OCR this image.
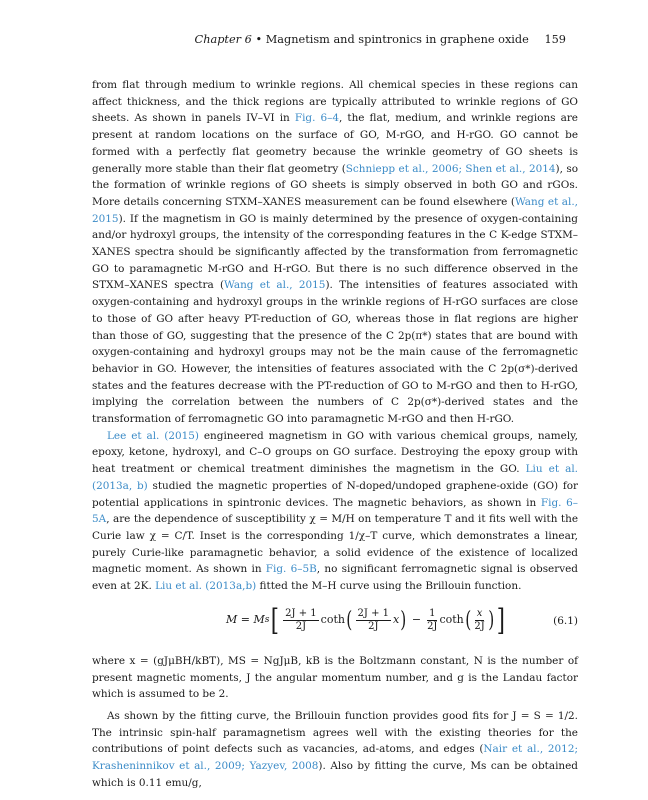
Chapter 6 • Magnetism and spintronics in graphene oxide 159

from flat through medium to wrinkle regions. All chemical species in these regions can affect thickness, and the thick regions are typically attributed to wrinkle regions of GO sheets. As shown in panels IV–VI in Fig. 6–4, the flat, medium, and wrinkle regions are present at random locations on the surface of GO, M-rGO, and H-rGO. GO cannot be formed with a perfectly flat geometry because the wrinkle geometry of GO sheets is generally more stable than their flat geometry (Schniepp et al., 2006; Shen et al., 2014), so the formation of wrinkle regions of GO sheets is simply observed in both GO and rGOs. More details concerning STXM–XANES measurement can be found elsewhere (Wang et al., 2015). If the magnetism in GO is mainly determined by the presence of oxygen-containing and/or hydroxyl groups, the intensity of the corresponding features in the C K-edge STXM–XANES spectra should be significantly affected by the transformation from ferromagnetic GO to paramagnetic M-rGO and H-rGO. But there is no such difference observed in the STXM–XANES spectra (Wang et al., 2015). The intensities of features associated with oxygen-containing and hydroxyl groups in the wrinkle regions of H-rGO surfaces are close to those of GO after heavy PT-reduction of GO, whereas those in flat regions are higher than those of GO, suggesting that the presence of the C 2p(π*) states that are bound with oxygen-containing and hydroxyl groups may not be the main cause of the ferromagnetic behavior in GO. However, the intensities of features associated with the C 2p(σ*)-derived states and the features decrease with the PT-reduction of GO to M-rGO and then to H-rGO, implying the correlation between the numbers of C 2p(σ*)-derived states and the transformation of ferromagnetic GO into paramagnetic M-rGO and then H-rGO.

Lee et al. (2015) engineered magnetism in GO with various chemical groups, namely, epoxy, ketone, hydroxyl, and C–O groups on GO surface. Destroying the epoxy group with heat treatment or chemical treatment diminishes the magnetism in the GO. Liu et al. (2013a, b) studied the magnetic properties of N-doped/undoped graphene-oxide (GO) for potential applications in spintronic devices. The magnetic behaviors, as shown in Fig. 6–5A, are the dependence of susceptibility χ = M/H on temperature T and it fits well with the Curie law χ = C/T. Inset is the corresponding 1/χ–T curve, which demonstrates a linear, purely Curie-like paramagnetic behavior, a solid evidence of the existence of localized magnetic moment. As shown in Fig. 6–5B, no significant ferromagnetic signal is observed even at 2K. Liu et al. (2013a,b) fitted the M–H curve using the Brillouin function.

M = M s [ $\frac{2J + 1}{2J}$ coth ( $\frac{2J + 1}{2J}$ x ) − $\frac{1}{2J}$ coth ( $\frac{x}{2J}$ ) ]	(6.1)

where x = (gJμBH/kBT), MS = NgJμB, kB is the Boltzmann constant, N is the number of present magnetic moments, J the angular momentum number, and g is the Landau factor which is assumed to be 2.

As shown by the fitting curve, the Brillouin function provides good fits for J = S = 1/2. The intrinsic spin-half paramagnetism agrees well with the existing theories for the contributions of point defects such as vacancies, ad-atoms, and edges (Nair et al., 2012; Krasheninnikov et al., 2009; Yazyev, 2008). Also by fitting the curve, Ms can be obtained which is 0.11 emu/g,
